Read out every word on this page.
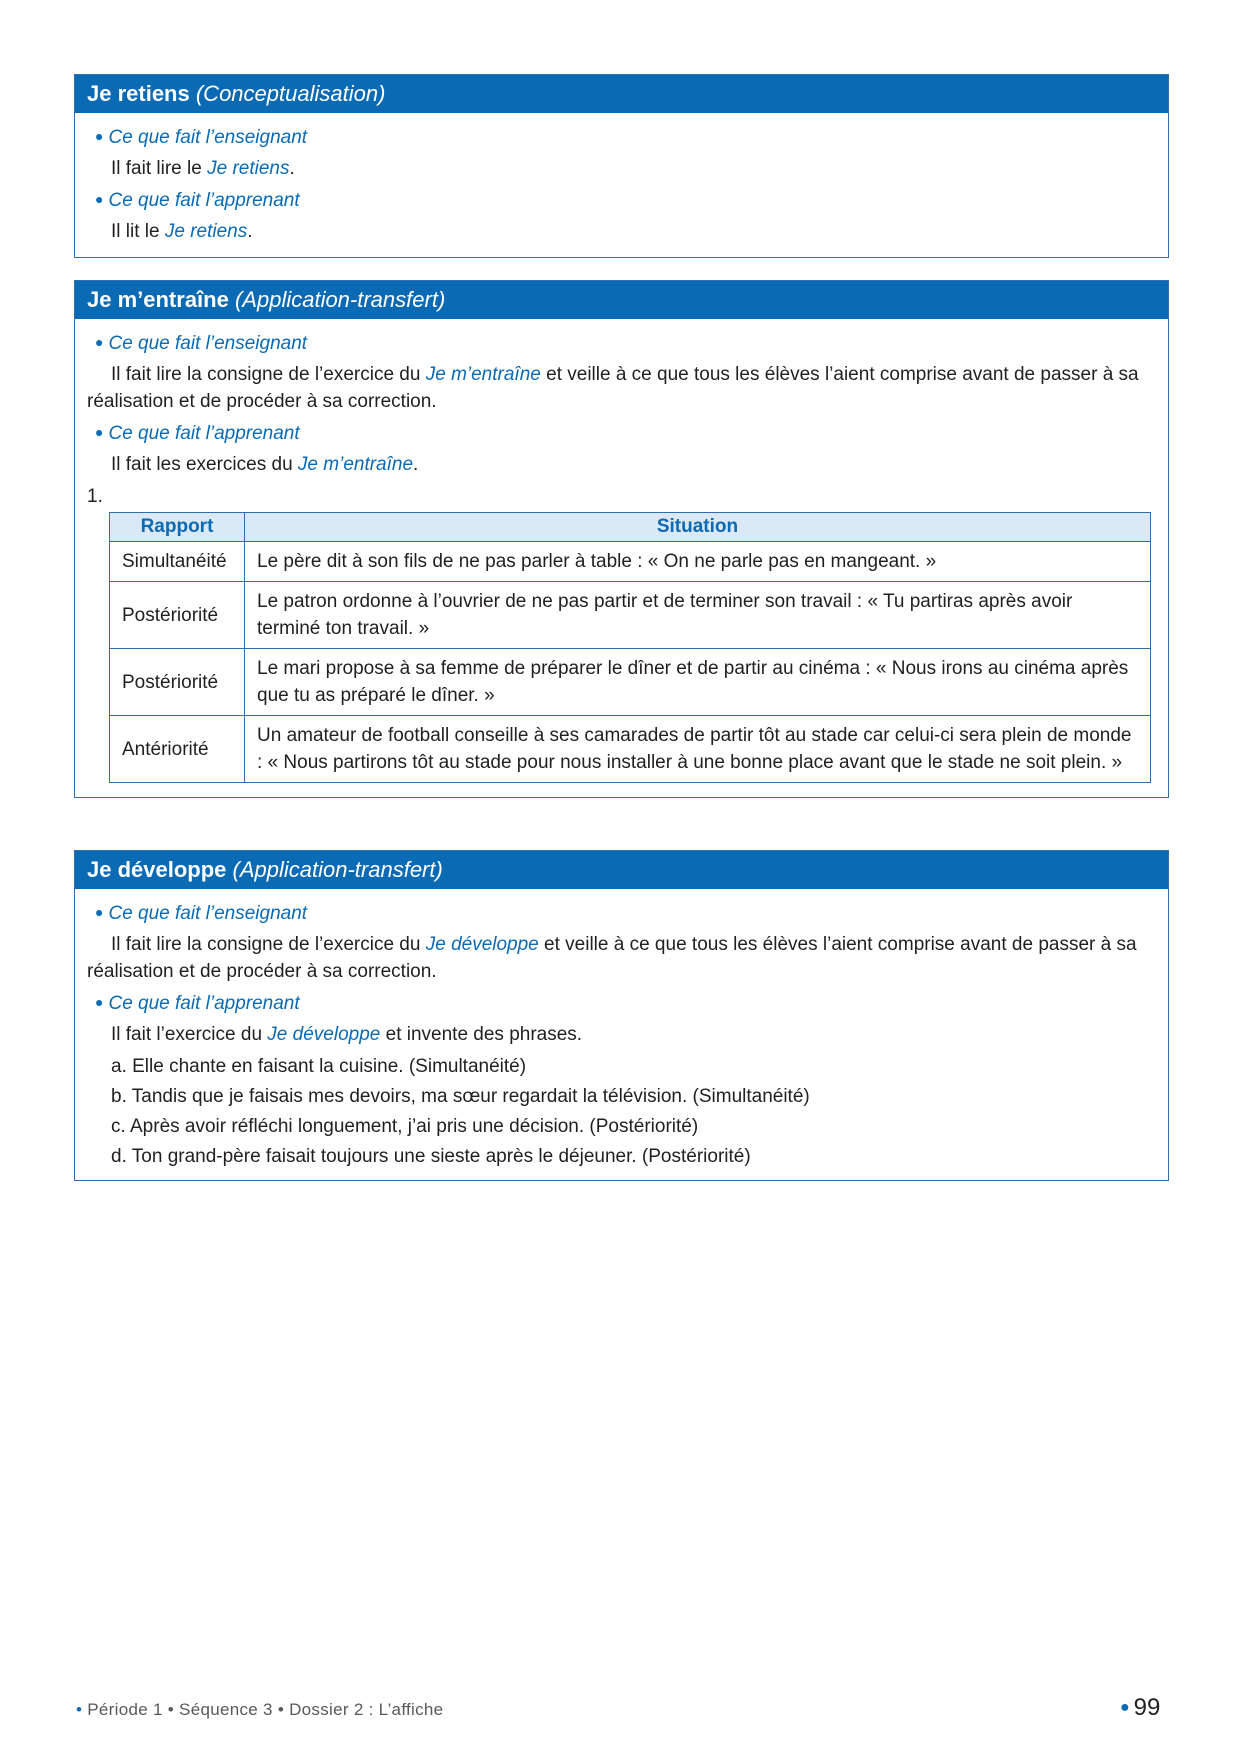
Je retiens (Conceptualisation)
● Ce que fait l’enseignant
Il fait lire le Je retiens.
● Ce que fait l’apprenant
Il lit le Je retiens.
Je m’entraîne (Application-transfert)
● Ce que fait l’enseignant
Il fait lire la consigne de l’exercice du Je m’entraîne et veille à ce que tous les élèves l’aient comprise avant de passer à sa réalisation et de procéder à sa correction.
● Ce que fait l’apprenant
Il fait les exercices du Je m’entraîne.
1.
Rapport	Situation
Simultanéité	Le père dit à son fils de ne pas parler à table : « On ne parle pas en mangeant. »
Postériorité	Le patron ordonne à l’ouvrier de ne pas partir et de terminer son travail : « Tu partiras après avoir terminé ton travail. »
Postériorité	Le mari propose à sa femme de préparer le dîner et de partir au cinéma : « Nous irons au cinéma après que tu as préparé le dîner. »
Antériorité	Un amateur de football conseille à ses camarades de partir tôt au stade car celui-ci sera plein de monde : « Nous partirons tôt au stade pour nous installer à une bonne place avant que le stade ne soit plein. »
Je développe (Application-transfert)
● Ce que fait l’enseignant
Il fait lire la consigne de l’exercice du Je développe et veille à ce que tous les élèves l’aient comprise avant de passer à sa réalisation et de procéder à sa correction.
● Ce que fait l’apprenant
Il fait l’exercice du Je développe et invente des phrases.
a. Elle chante en faisant la cuisine. (Simultanéité)
b. Tandis que je faisais mes devoirs, ma sœur regardait la télévision. (Simultanéité)
c. Après avoir réfléchi longuement, j’ai pris une décision. (Postériorité)
d. Ton grand-père faisait toujours une sieste après le déjeuner. (Postériorité)
• Période 1 • Séquence 3 • Dossier 2 : L’affiche	● 99
